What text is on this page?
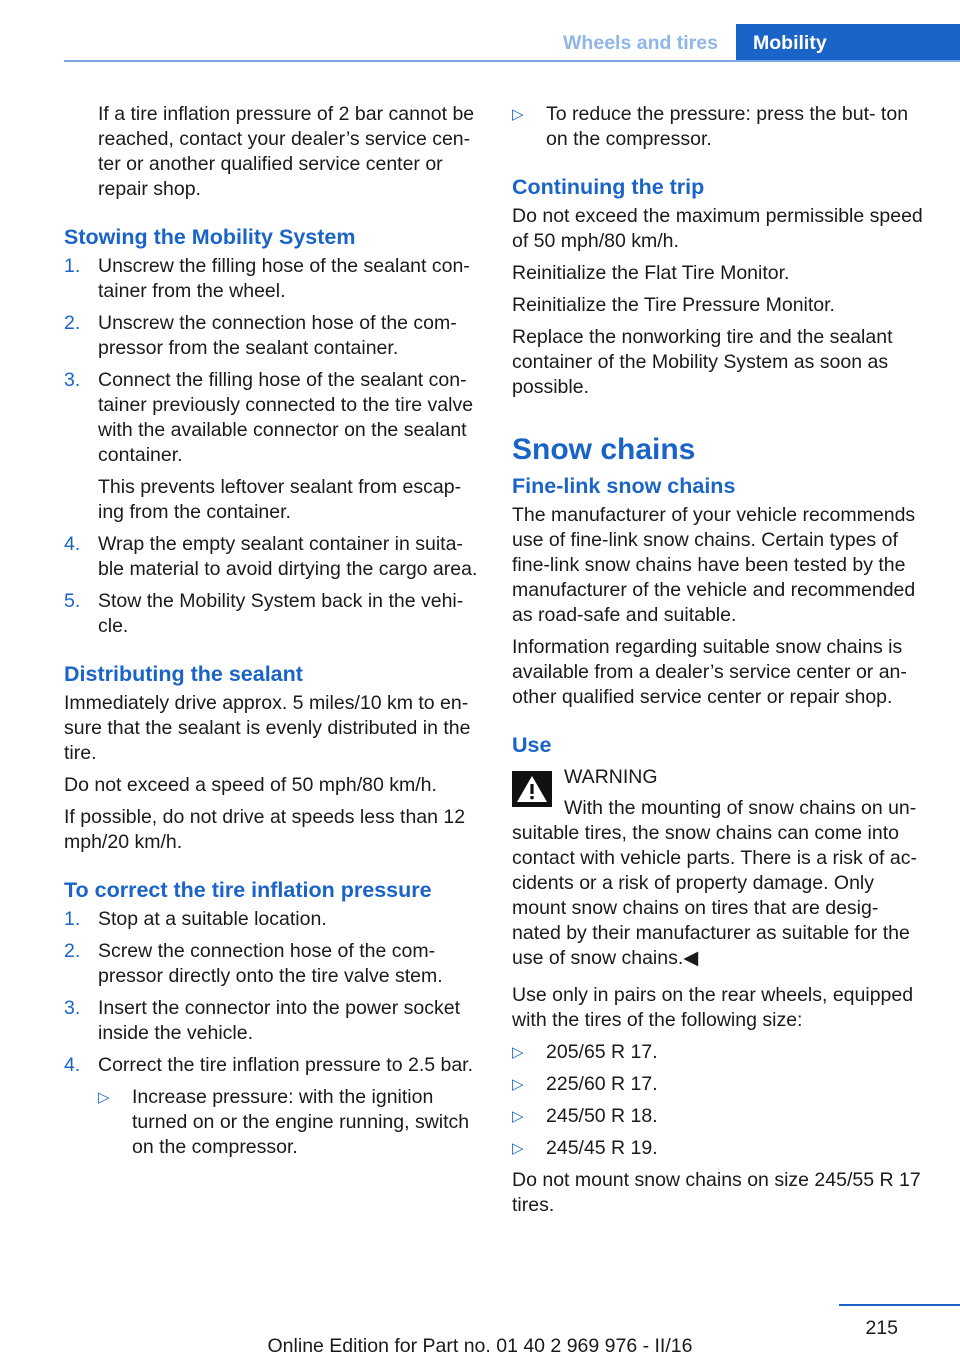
Wheels and tires	Mobility

If a tire inflation pressure of 2 bar cannot be reached, contact your dealer’s service cen‐ ter or another qualified service center or repair shop.

Stowing the Mobility System
1. Unscrew the filling hose of the sealant con‐ tainer from the wheel.
2. Unscrew the connection hose of the com‐ pressor from the sealant container.
3. Connect the filling hose of the sealant con‐ tainer previously connected to the tire valve with the available connector on the sealant container.

This prevents leftover sealant from escap‐ ing from the container.

4. Wrap the empty sealant container in suita‐ ble material to avoid dirtying the cargo area.
5. Stow the Mobility System back in the vehi‐ cle.
Distributing the sealant

Immediately drive approx. 5 miles/10 km to en‐ sure that the sealant is evenly distributed in the tire.

Do not exceed a speed of 50 mph/80 km/h.

If possible, do not drive at speeds less than 12 mph/20 km/h.

To correct the tire inflation pressure
1. Stop at a suitable location.
2. Screw the connection hose of the com‐ pressor directly onto the tire valve stem.
3. Insert the connector into the power socket inside the vehicle.
4. Correct the tire inflation pressure to 2.5 bar.
▷ Increase pressure: with the ignition turned on or the engine running, switch on the compressor.
▷ To reduce the pressure: press the but‐ ton on the compressor.
Continuing the trip

Do not exceed the maximum permissible speed of 50 mph/80 km/h.

Reinitialize the Flat Tire Monitor.

Reinitialize the Tire Pressure Monitor.

Replace the nonworking tire and the sealant container of the Mobility System as soon as possible.

Snow chains
Fine-link snow chains

The manufacturer of your vehicle recommends use of fine-link snow chains. Certain types of fine-link snow chains have been tested by the manufacturer of the vehicle and recommended as road-safe and suitable.

Information regarding suitable snow chains is available from a dealer’s service center or an‐ other qualified service center or repair shop.

Use
WARNING

With the mounting of snow chains on un‐ suitable tires, the snow chains can come into contact with vehicle parts. There is a risk of ac‐ cidents or a risk of property damage. Only mount snow chains on tires that are desig‐ nated by their manufacturer as suitable for the use of snow chains.◀

Use only in pairs on the rear wheels, equipped with the tires of the following size:

▷ 205/65 R 17.
▷ 225/60 R 17.
▷ 245/50 R 18.
▷ 245/45 R 19.

Do not mount snow chains on size 245/55 R 17 tires.

215
Online Edition for Part no. 01 40 2 969 976 - II/16
